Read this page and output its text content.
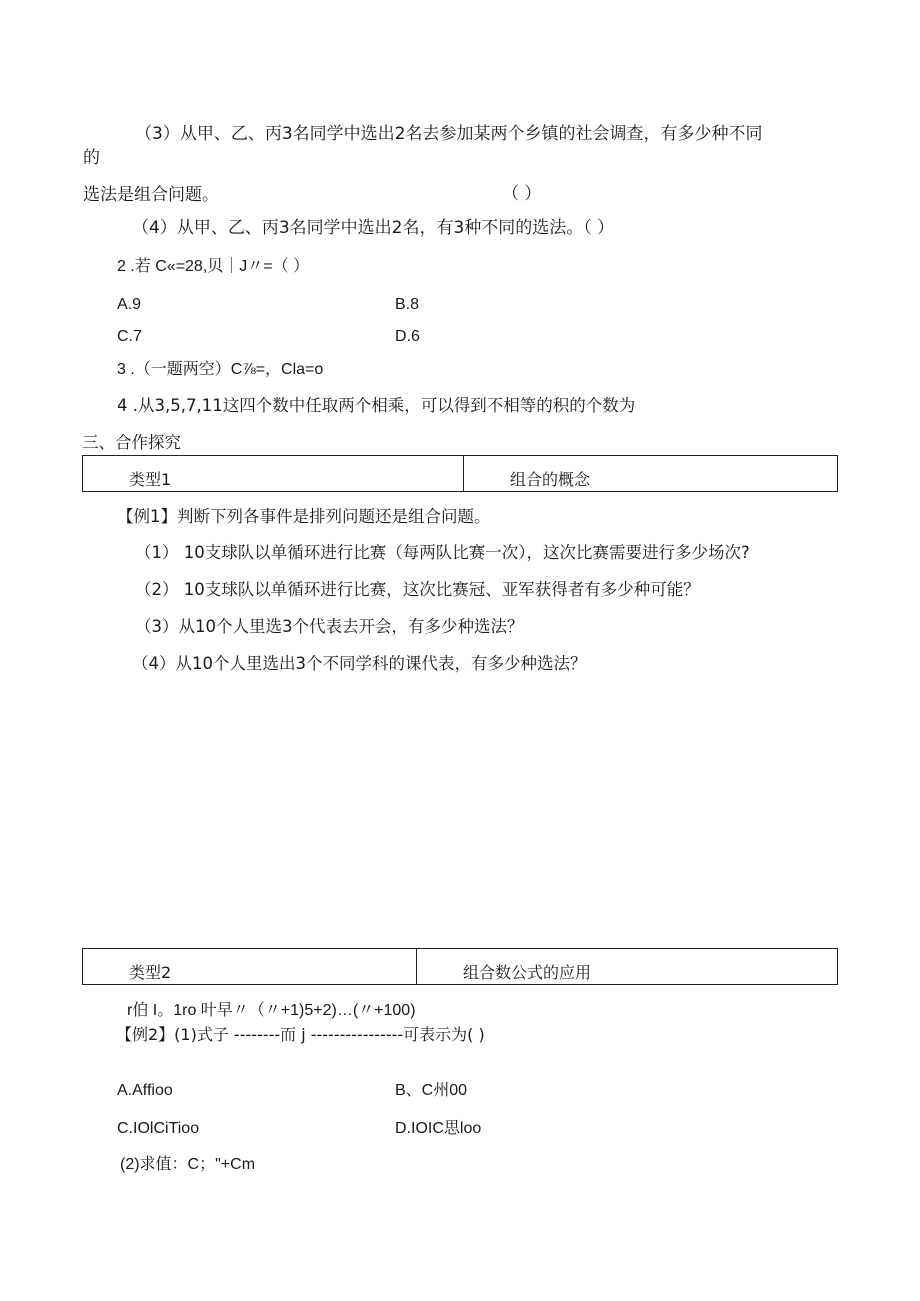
（3）从甲、乙、丙3名同学中选出2名去参加某两个乡镇的社会调查，有多少种不同
的
选法是组合问题。	（ ）
（4）从甲、乙、丙3名同学中选出2名，有3种不同的选法。（ ）
2 .若 C«=28,贝｜J〃=（ ）
A.9	B.8
C.7	D.6
3 .（一题两空）C⅞=，Cla=o
4 .从3,5,7,11这四个数中任取两个相乘，可以得到不相等的积的个数为
三、合作探究
类型1	组合的概念
【例1】判断下列各事件是排列问题还是组合问题。
（1） 10支球队以单循环进行比赛（每两队比赛一次），这次比赛需要进行多少场次?
（2） 10支球队以单循环进行比赛，这次比赛冠、亚军获得者有多少种可能？
（3）从10个人里选3个代表去开会，有多少种选法？
（4）从10个人里选出3个不同学科的课代表，有多少种选法？
类型2	组合数公式的应用
r伯 I。1ro 叶早〃（〃+1)5+2)…(〃+100)
【例2】(1)式子 --------而 j ----------------可表示为( )
A.Affioo	B、C州00
C.IOlCiTioo	D.IOIC思loo
(2)求值：C；"+Cm
